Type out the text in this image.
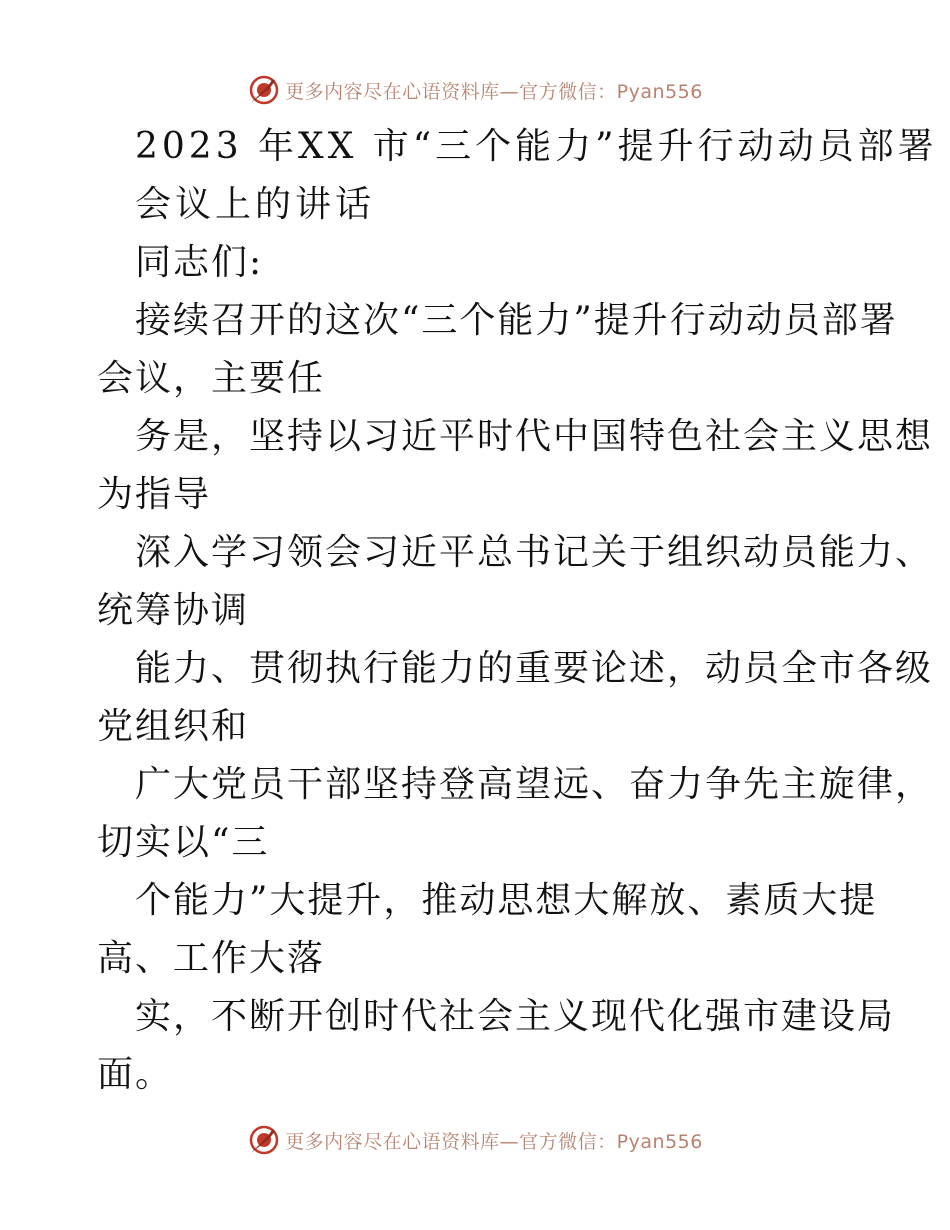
更多内容尽在心语资料库—官方微信：Pyan556
2023 年XX 市“三个能力”提升行动动员部署
会议上的讲话
同志们:
接续召开的这次“三个能力”提升行动动员部署
会议，主要任
务是，坚持以习近平时代中国特色社会主义思想
为指导
深入学习领会习近平总书记关于组织动员能力、
统筹协调
能力、贯彻执行能力的重要论述，动员全市各级
党组织和
广大党员干部坚持登高望远、奋力争先主旋律，
切实以“三
个能力”大提升，推动思想大解放、素质大提
高、工作大落
实，不断开创时代社会主义现代化强市建设局
面。
更多内容尽在心语资料库—官方微信：Pyan556
